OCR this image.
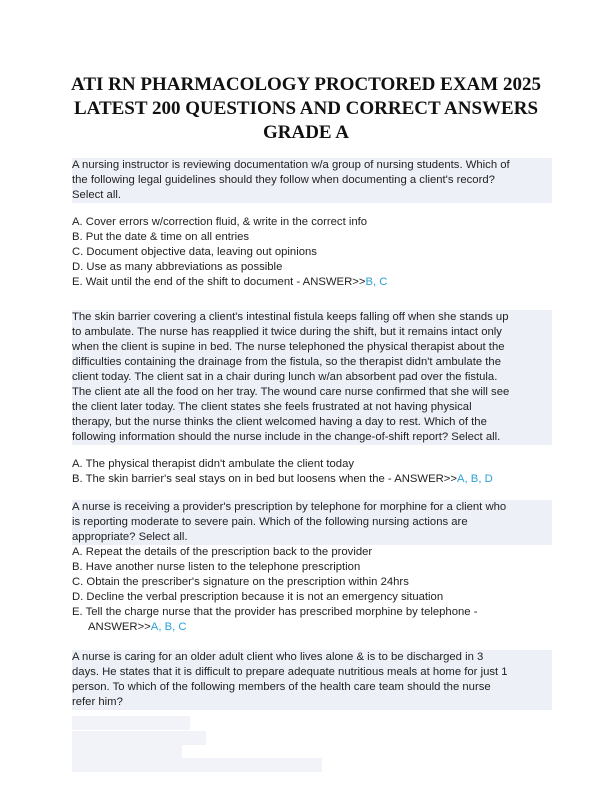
ATI RN PHARMACOLOGY PROCTORED EXAM 2025
LATEST 200 QUESTIONS AND CORRECT ANSWERS
GRADE A
A nursing instructor is reviewing documentation w/a group of nursing students. Which of
the following legal guidelines should they follow when documenting a client's record?
Select all.
A. Cover errors w/correction fluid, & write in the correct info
B. Put the date & time on all entries
C. Document objective data, leaving out opinions
D. Use as many abbreviations as possible
E. Wait until the end of the shift to document - ANSWER>>B, C
The skin barrier covering a client's intestinal fistula keeps falling off when she stands up
to ambulate. The nurse has reapplied it twice during the shift, but it remains intact only
when the client is supine in bed. The nurse telephoned the physical therapist about the
difficulties containing the drainage from the fistula, so the therapist didn't ambulate the
client today. The client sat in a chair during lunch w/an absorbent pad over the fistula.
The client ate all the food on her tray. The wound care nurse confirmed that she will see
the client later today. The client states she feels frustrated at not having physical
therapy, but the nurse thinks the client welcomed having a day to rest. Which of the
following information should the nurse include in the change-of-shift report? Select all.
A. The physical therapist didn't ambulate the client today
B. The skin barrier's seal stays on in bed but loosens when the - ANSWER>>A, B, D
A nurse is receiving a provider's prescription by telephone for morphine for a client who
is reporting moderate to severe pain. Which of the following nursing actions are
appropriate? Select all.
A. Repeat the details of the prescription back to the provider
B. Have another nurse listen to the telephone prescription
C. Obtain the prescriber's signature on the prescription within 24hrs
D. Decline the verbal prescription because it is not an emergency situation
E. Tell the charge nurse that the provider has prescribed morphine by telephone -
ANSWER>>A, B, C
A nurse is caring for an older adult client who lives alone & is to be discharged in 3
days. He states that it is difficult to prepare adequate nutritious meals at home for just 1
person. To which of the following members of the health care team should the nurse
refer him?
